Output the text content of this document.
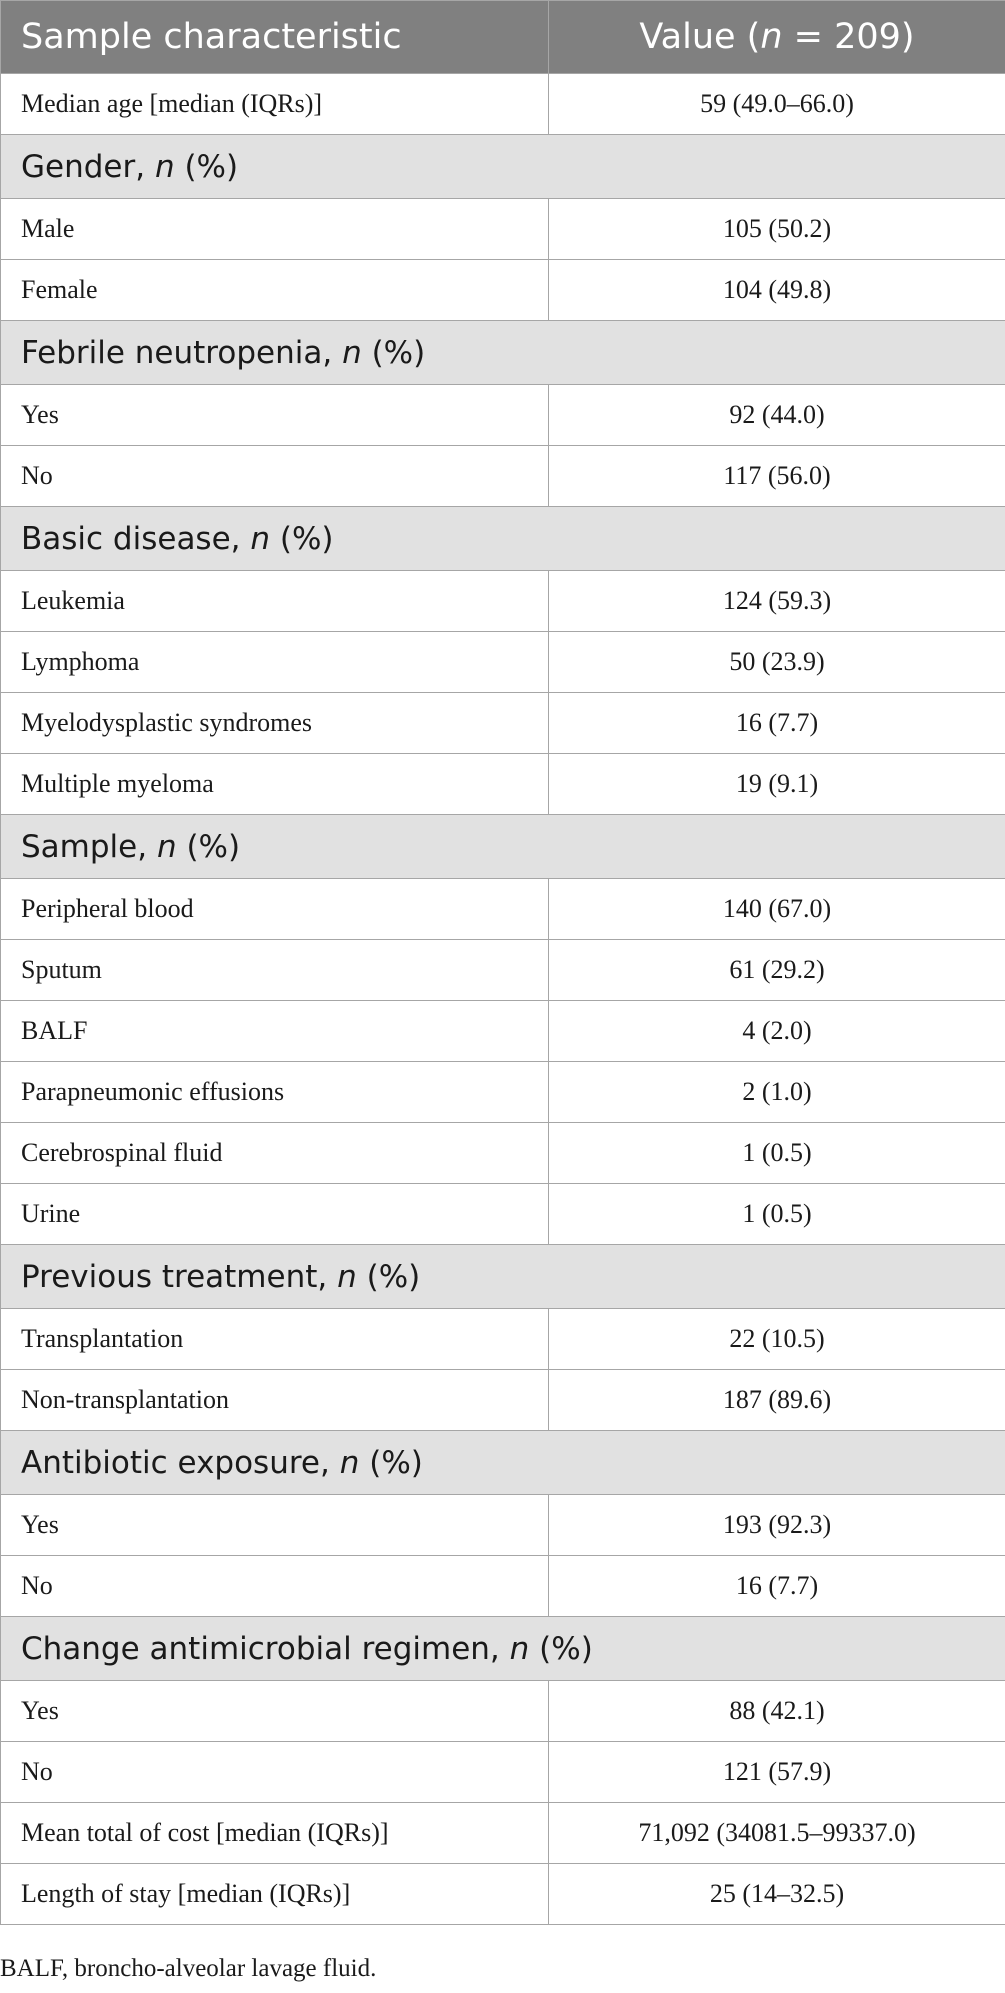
Sample characteristic	Value (n = 209)
Median age [median (IQRs)]	59 (49.0–66.0)
Gender, n (%)	
Male	105 (50.2)
Female	104 (49.8)
Febrile neutropenia, n (%)	
Yes	92 (44.0)
No	117 (56.0)
Basic disease, n (%)	
Leukemia	124 (59.3)
Lymphoma	50 (23.9)
Myelodysplastic syndromes	16 (7.7)
Multiple myeloma	19 (9.1)
Sample, n (%)	
Peripheral blood	140 (67.0)
Sputum	61 (29.2)
BALF	4 (2.0)
Parapneumonic effusions	2 (1.0)
Cerebrospinal fluid	1 (0.5)
Urine	1 (0.5)
Previous treatment, n (%)	
Transplantation	22 (10.5)
Non-transplantation	187 (89.6)
Antibiotic exposure, n (%)	
Yes	193 (92.3)
No	16 (7.7)
Change antimicrobial regimen, n (%)	
Yes	88 (42.1)
No	121 (57.9)
Mean total of cost [median (IQRs)]	71,092 (34081.5–99337.0)
Length of stay [median (IQRs)]	25 (14–32.5)
BALF, broncho-alveolar lavage fluid.
